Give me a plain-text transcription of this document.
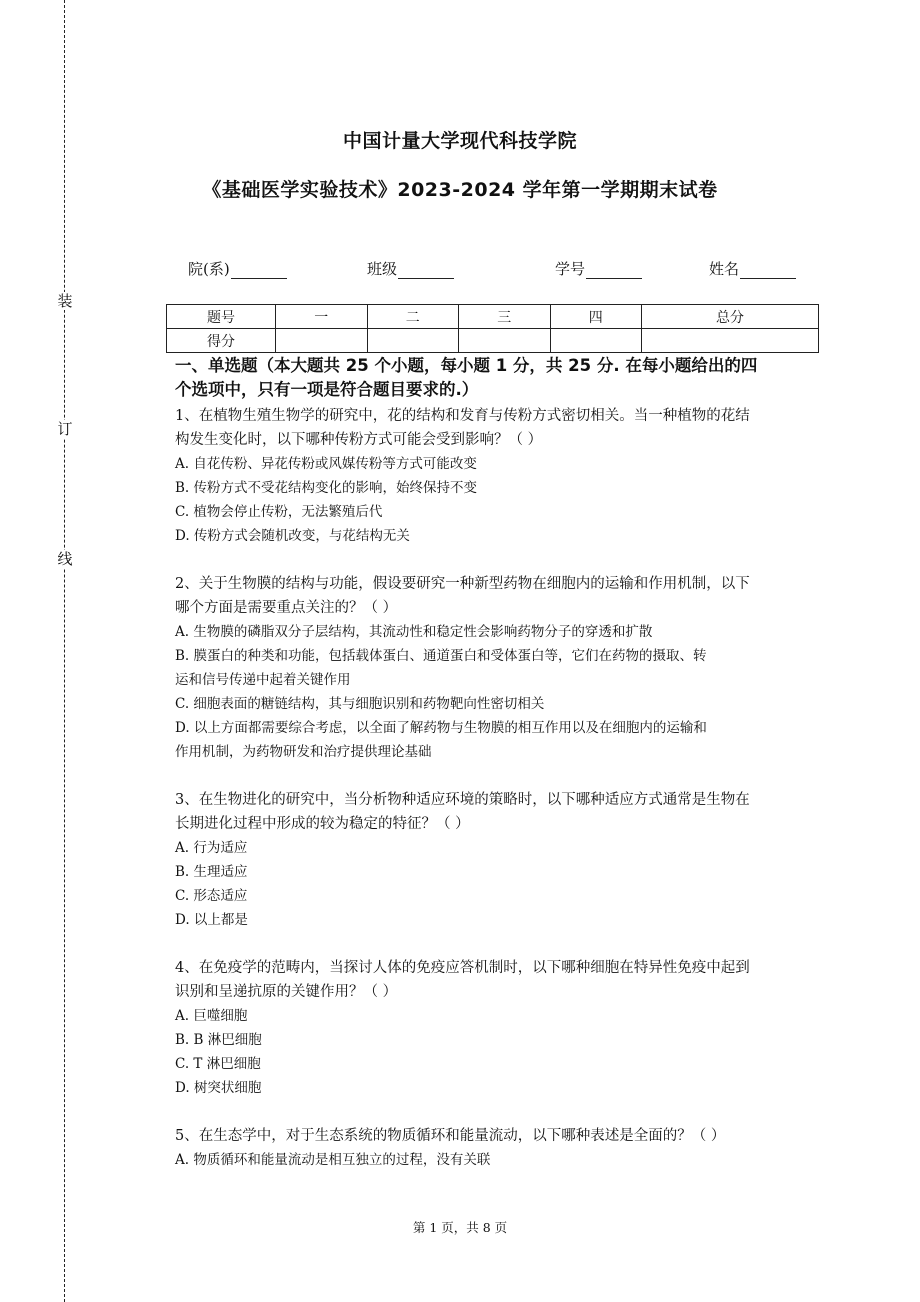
装
订
线
中国计量大学现代科技学院
《基础医学实验技术》2023-2024 学年第一学期期末试卷
院(系)	班级	学号	姓名
题号	一	二	三	四	总分
得分					
一、单选题（本大题共 25 个小题，每小题 1 分，共 25 分. 在每小题给出的四
个选项中，只有一项是符合题目要求的.）
1、在植物生殖生物学的研究中，花的结构和发育与传粉方式密切相关。当一种植物的花结
构发生变化时，以下哪种传粉方式可能会受到影响？（ ）
A. 自花传粉、异花传粉或风媒传粉等方式可能改变
B. 传粉方式不受花结构变化的影响，始终保持不变
C. 植物会停止传粉，无法繁殖后代
D. 传粉方式会随机改变，与花结构无关
2、关于生物膜的结构与功能，假设要研究一种新型药物在细胞内的运输和作用机制，以下
哪个方面是需要重点关注的？（ ）
A. 生物膜的磷脂双分子层结构，其流动性和稳定性会影响药物分子的穿透和扩散
B. 膜蛋白的种类和功能，包括载体蛋白、通道蛋白和受体蛋白等，它们在药物的摄取、转
运和信号传递中起着关键作用
C. 细胞表面的糖链结构，其与细胞识别和药物靶向性密切相关
D. 以上方面都需要综合考虑，以全面了解药物与生物膜的相互作用以及在细胞内的运输和
作用机制，为药物研发和治疗提供理论基础
3、在生物进化的研究中，当分析物种适应环境的策略时，以下哪种适应方式通常是生物在
长期进化过程中形成的较为稳定的特征？（ ）
A. 行为适应
B. 生理适应
C. 形态适应
D. 以上都是
4、在免疫学的范畴内，当探讨人体的免疫应答机制时，以下哪种细胞在特异性免疫中起到
识别和呈递抗原的关键作用？（ ）
A. 巨噬细胞
B. B 淋巴细胞
C. T 淋巴细胞
D. 树突状细胞
5、在生态学中，对于生态系统的物质循环和能量流动，以下哪种表述是全面的？（ ）
A. 物质循环和能量流动是相互独立的过程，没有关联
第 1 页，共 8 页
